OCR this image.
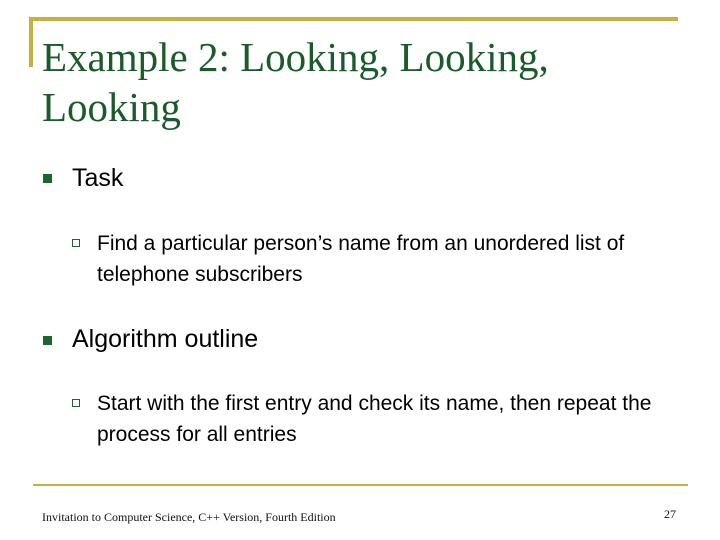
Example 2: Looking, Looking, Looking
Task
Find a particular person’s name from an unordered list of telephone subscribers
Algorithm outline
Start with the first entry and check its name, then repeat the process for all entries
Invitation to Computer Science, C++ Version, Fourth Edition	27
